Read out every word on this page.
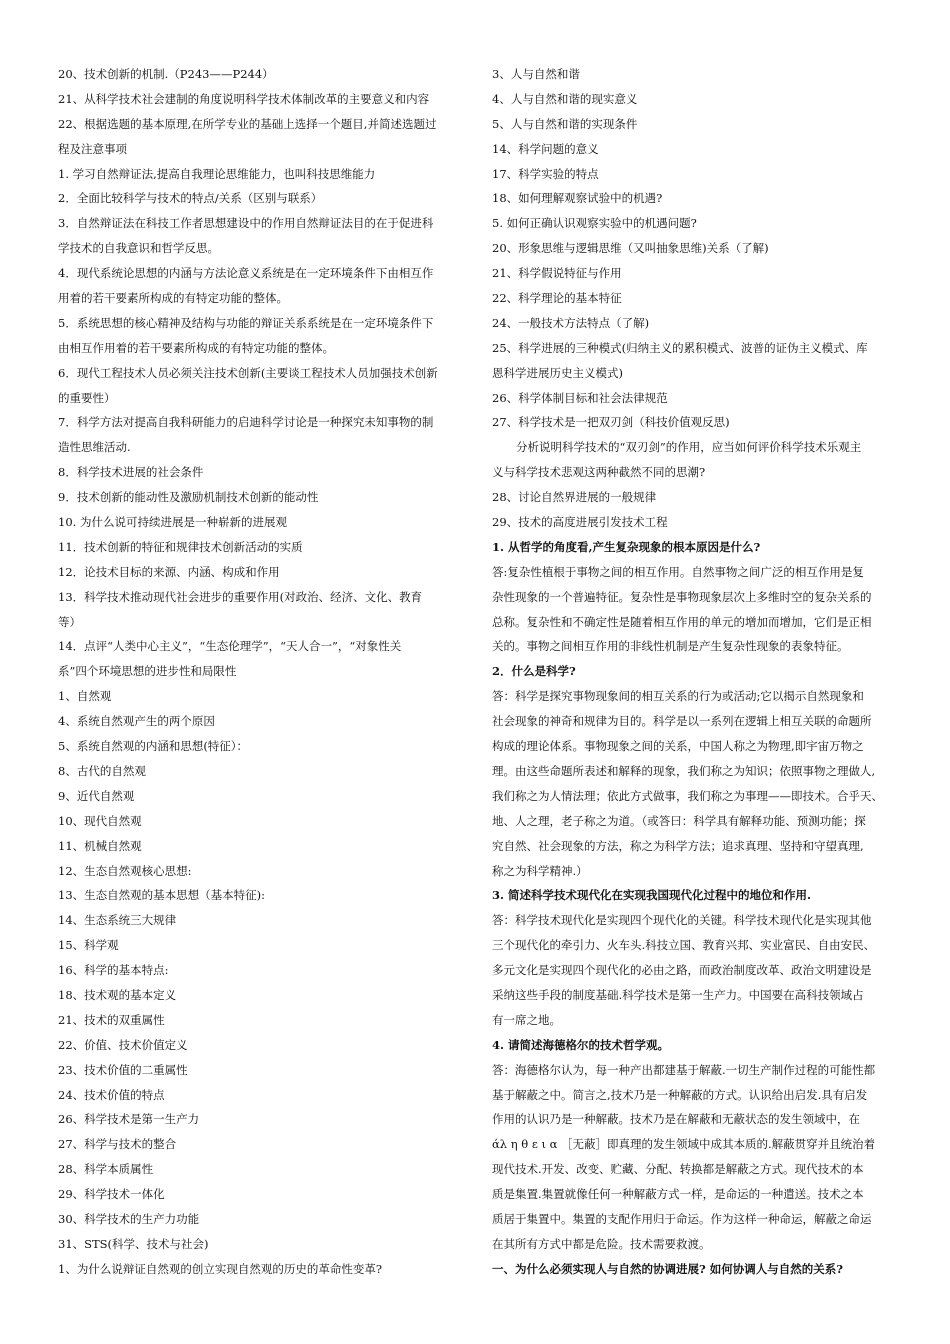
20、技术创新的机制.（P243——P244）
21、从科学技术社会建制的角度说明科学技术体制改革的主要意义和内容
22、根据选题的基本原理,在所学专业的基础上选择一个题目,并简述选题过
程及注意事项
1. 学习自然辩证法,提高自我理论思维能力，也叫科技思维能力
2．全面比较科学与技术的特点/关系（区别与联系）
3．自然辩证法在科技工作者思想建设中的作用自然辩证法目的在于促进科
学技术的自我意识和哲学反思。
4．现代系统论思想的内涵与方法论意义系统是在一定环境条件下由相互作
用着的若干要素所构成的有特定功能的整体。
5．系统思想的核心精神及结构与功能的辩证关系系统是在一定环境条件下
由相互作用着的若干要素所构成的有特定功能的整体。
6．现代工程技术人员必须关注技术创新(主要谈工程技术人员加强技术创新
的重要性）
7．科学方法对提高自我科研能力的启迪科学讨论是一种探究未知事物的制
造性思维活动.
8．科学技术进展的社会条件
9．技术创新的能动性及激励机制技术创新的能动性
10. 为什么说可持续进展是一种崭新的进展观
11．技术创新的特征和规律技术创新活动的实质
12．论技术目标的来源、内涵、构成和作用
13．科学技术推动现代社会进步的重要作用(对政治、经济、文化、教育
等）
14．点评“人类中心主义”，“生态伦理学”，“天人合一”，“对象性关
系”四个环境思想的进步性和局限性
1、自然观
4、系统自然观产生的两个原因
5、系统自然观的内涵和思想(特征）：
8、古代的自然观
9、近代自然观
10、现代自然观
11、机械自然观
12、生态自然观核心思想:
13、生态自然观的基本思想（基本特征):
14、生态系统三大规律
15、科学观
16、科学的基本特点:
18、技术观的基本定义
21、技术的双重属性
22、价值、技术价值定义
23、技术价值的二重属性
24、技术价值的特点
26、科学技术是第一生产力
27、科学与技术的整合
28、科学本质属性
29、科学技术一体化
30、科学技术的生产力功能
31、STS(科学、技术与社会)
1、为什么说辩证自然观的创立实现自然观的历史的革命性变革?
3、人与自然和谐
4、人与自然和谐的现实意义
5、人与自然和谐的实现条件
14、科学问题的意义
17、科学实验的特点
18、如何理解观察试验中的机遇?
5. 如何正确认识观察实验中的机遇问题?
20、形象思维与逻辑思维（又叫抽象思维)关系（了解)
21、科学假说特征与作用
22、科学理论的基本特征
24、一般技术方法特点（了解)
25、科学进展的三种模式(归纳主义的累积模式、波普的证伪主义模式、库
恩科学进展历史主义模式)
26、科学体制目标和社会法律规范
27、科学技术是一把双刃剑（科技价值观反思)
分析说明科学技术的“双刃剑”的作用，应当如何评价科学技术乐观主
义与科学技术悲观这两种截然不同的思潮?
28、讨论自然界进展的一般规律
29、技术的高度进展引发技术工程
1. 从哲学的角度看,产生复杂现象的根本原因是什么?
答:复杂性植根于事物之间的相互作用。自然事物之间广泛的相互作用是复
杂性现象的一个普遍特征。复杂性是事物现象层次上多维时空的复杂关系的
总称。复杂性和不确定性是随着相互作用的单元的增加而增加，它们是正相
关的。事物之间相互作用的非线性机制是产生复杂性现象的表象特征。
2．什么是科学?
答：科学是探究事物现象间的相互关系的行为或活动;它以揭示自然现象和
社会现象的神奇和规律为目的。科学是以一系列在逻辑上相互关联的命题所
构成的理论体系。事物现象之间的关系，中国人称之为物理,即宇宙万物之
理。由这些命题所表述和解释的现象，我们称之为知识；依照事物之理做人,
我们称之为人情法理；依此方式做事，我们称之为事理——即技术。合乎天、
地、人之理，老子称之为道。（或答曰：科学具有解释功能、预测功能；探
究自然、社会现象的方法，称之为科学方法；追求真理、坚持和守望真理,
称之为科学精神.）
3. 简述科学技术现代化在实现我国现代化过程中的地位和作用.
答：科学技术现代化是实现四个现代化的关键。科学技术现代化是实现其他
三个现代化的牵引力、火车头.科技立国、教育兴邦、实业富民、自由安民、
多元文化是实现四个现代化的必由之路，而政治制度改革、政治文明建设是
采纳这些手段的制度基础.科学技术是第一生产力。中国要在高科技领域占
有一席之地。
4. 请简述海德格尔的技术哲学观。
答：海德格尔认为，每一种产出都建基于解蔽.一切生产制作过程的可能性都
基于解蔽之中。简言之,技术乃是一种解蔽的方式。认识给出启发.具有启发
作用的认识乃是一种解蔽。技术乃是在解蔽和无蔽状态的发生领域中，在
άλ η θ ε ι α ［无蔽］即真理的发生领域中成其本质的.解蔽贯穿并且统治着
现代技术.开发、改变、贮藏、分配、转换都是解蔽之方式。现代技术的本
质是集置.集置就像任何一种解蔽方式一样，是命运的一种遣送。技术之本
质居于集置中。集置的支配作用归于命运。作为这样一种命运，解蔽之命运
在其所有方式中都是危险。技术需要救渡。
一、为什么必须实现人与自然的协调进展? 如何协调人与自然的关系?
